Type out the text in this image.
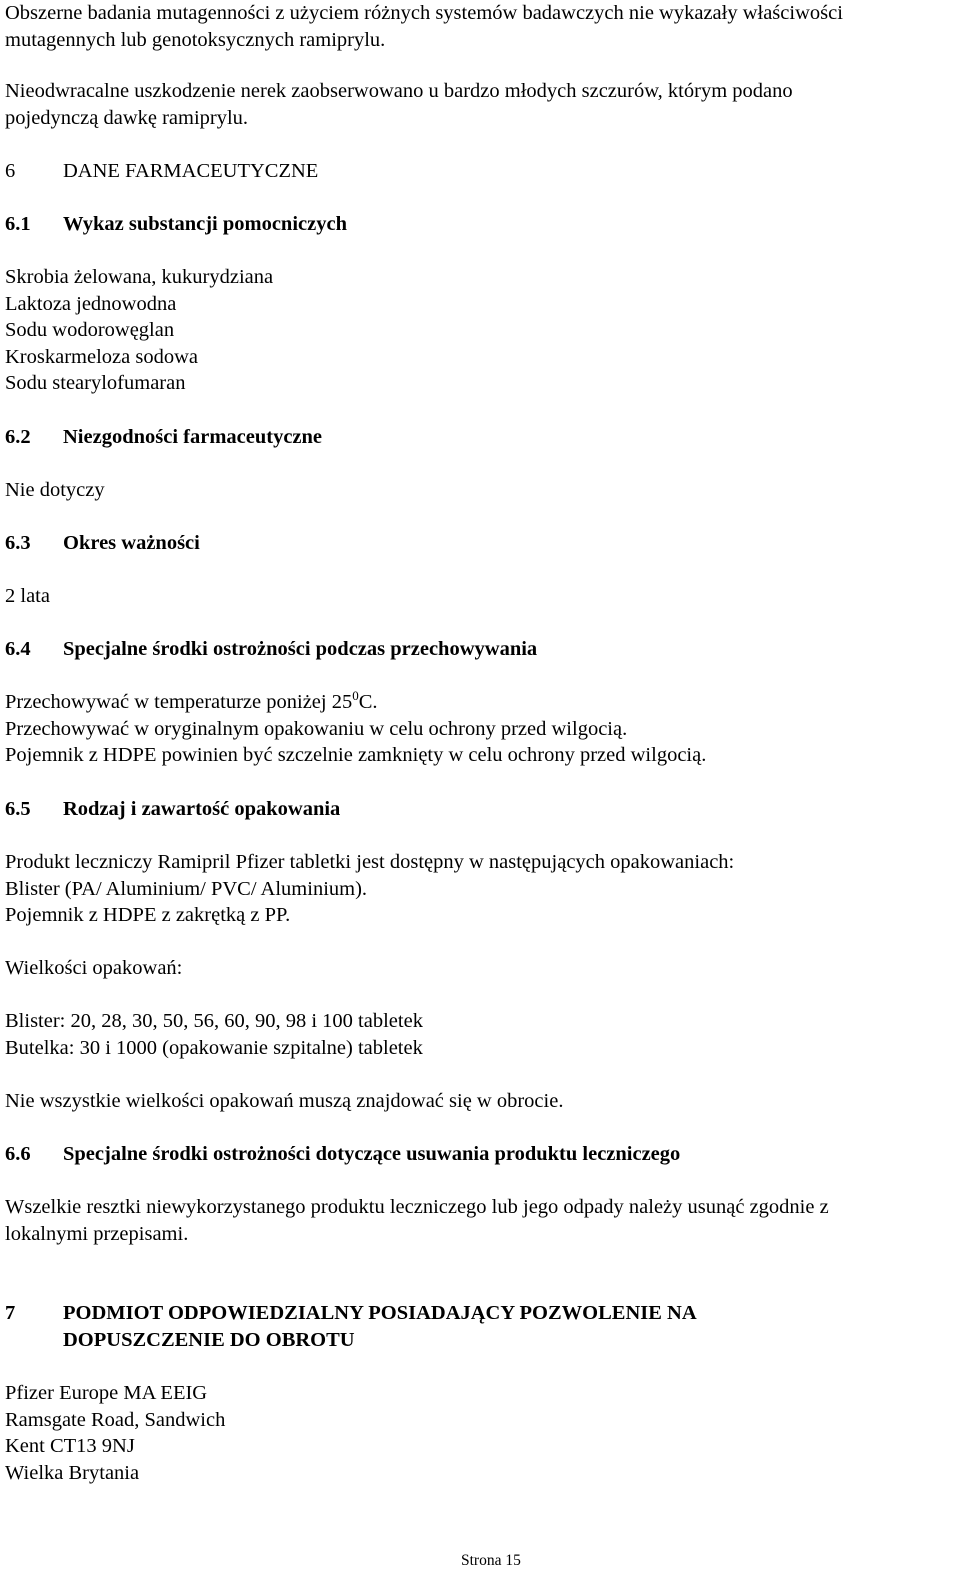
Obszerne badania mutagenności z użyciem różnych systemów badawczych nie wykazały właściwości
mutagennych lub genotoksycznych ramiprylu.
Nieodwracalne uszkodzenie nerek zaobserwowano u bardzo młodych szczurów, którym podano
pojedynczą dawkę ramiprylu.
6 DANE FARMACEUTYCZNE
6.1 Wykaz substancji pomocniczych
Skrobia żelowana, kukurydziana
Laktoza jednowodna
Sodu wodorowęglan
Kroskarmeloza sodowa
Sodu stearylofumaran
6.2 Niezgodności farmaceutyczne
Nie dotyczy
6.3 Okres ważności
2 lata
6.4 Specjalne środki ostrożności podczas przechowywania
Przechowywać w temperaturze poniżej $25^0C$.
Przechowywać w oryginalnym opakowaniu w celu ochrony przed wilgocią.
Pojemnik z HDPE powinien być szczelnie zamknięty w celu ochrony przed wilgocią.
6.5 Rodzaj i zawartość opakowania
Produkt leczniczy Ramipril Pfizer tabletki jest dostępny w następujących opakowaniach:
Blister (PA/ Aluminium/ PVC/ Aluminium).
Pojemnik z HDPE z zakrętką z PP.
Wielkości opakowań:
Blister: 20, 28, 30, 50, 56, 60, 90, 98 i 100 tabletek
Butelka: 30 i 1000 (opakowanie szpitalne) tabletek
Nie wszystkie wielkości opakowań muszą znajdować się w obrocie.
6.6 Specjalne środki ostrożności dotyczące usuwania produktu leczniczego
Wszelkie resztki niewykorzystanego produktu leczniczego lub jego odpady należy usunąć zgodnie z
lokalnymi przepisami.
7 PODMIOT ODPOWIEDZIALNY POSIADAJĄCY POZWOLENIE NA
DOPUSZCZENIE DO OBROTU
Pfizer Europe MA EEIG
Ramsgate Road, Sandwich
Kent CT13 9NJ
Wielka Brytania
Strona 15
